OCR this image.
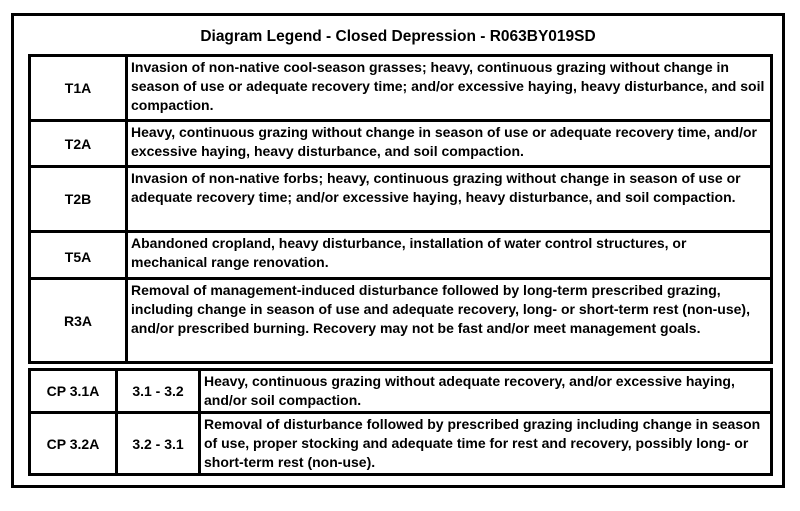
Diagram Legend - Closed Depression - R063BY019SD
T1A
Invasion of non-native cool-season grasses; heavy, continuous grazing without change in season of use or adequate recovery time; and/or excessive haying, heavy disturbance, and soil compaction.
T2A
Heavy, continuous grazing without change in season of use or adequate recovery time, and/or excessive haying, heavy disturbance, and soil compaction.
T2B
Invasion of non-native forbs; heavy, continuous grazing without change in season of use or adequate recovery time; and/or excessive haying, heavy disturbance, and soil compaction.
T5A
Abandoned cropland, heavy disturbance, installation of water control structures, or mechanical range renovation.
R3A
Removal of management-induced disturbance followed by long-term prescribed grazing, including change in season of use and adequate recovery, long- or short-term rest (non-use), and/or prescribed burning. Recovery may not be fast and/or meet management goals.
CP 3.1A	3.1 - 3.2
Heavy, continuous grazing without adequate recovery, and/or excessive haying, and/or soil compaction.
CP 3.2A	3.2 - 3.1
Removal of disturbance followed by prescribed grazing including change in season of use, proper stocking and adequate time for rest and recovery, possibly long- or short-term rest (non-use).
